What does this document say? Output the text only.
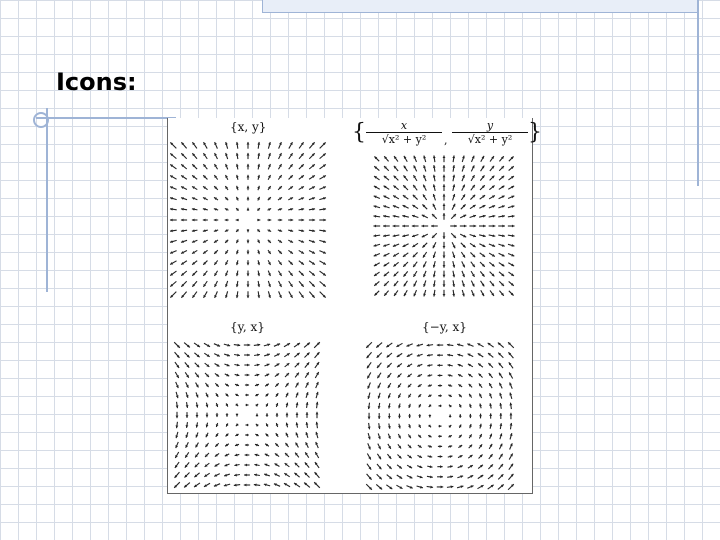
Icons:
{x, y}	{ $\frac{x}{\text{√x² + y²}}$ , $\frac{y}{\text{√x² + y²}}$ }
{y, x}	{−y, x}
